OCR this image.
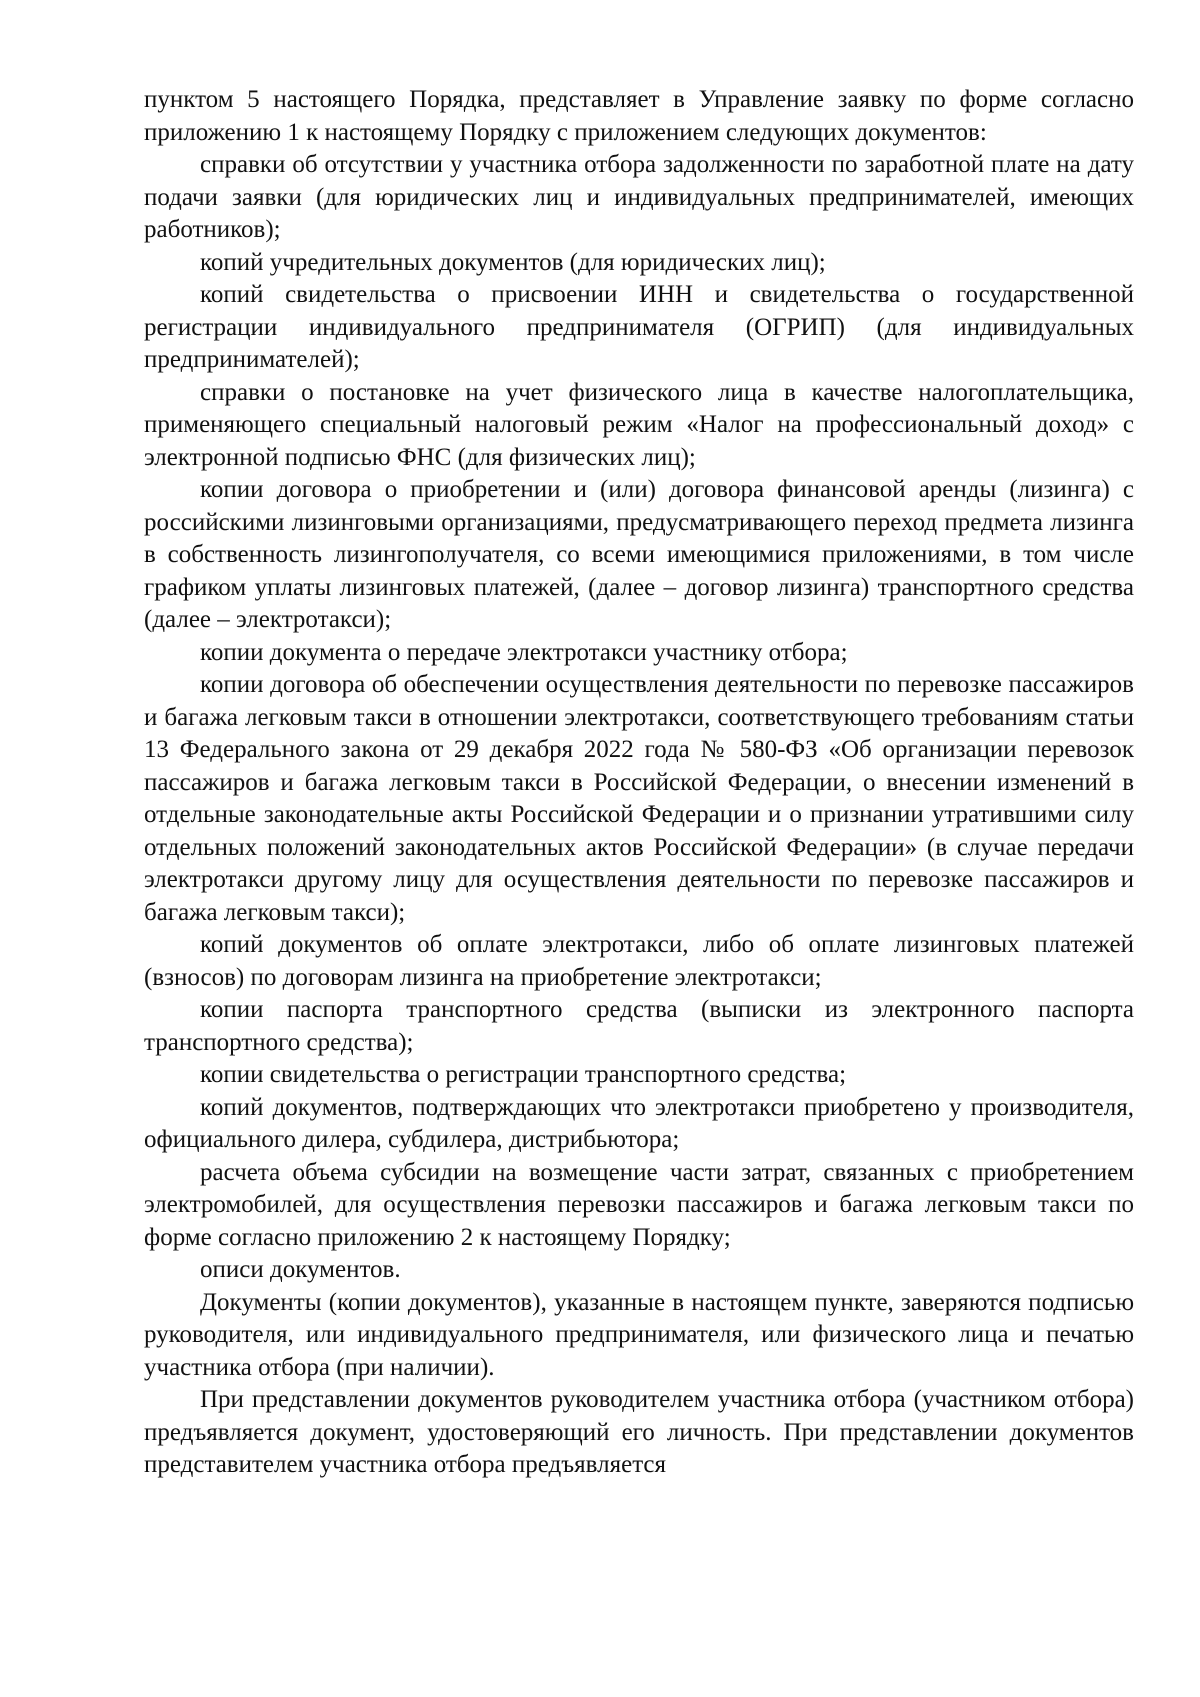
пунктом 5 настоящего Порядка, представляет в Управление заявку по форме согласно приложению 1 к настоящему Порядку с приложением следующих документов:

справки об отсутствии у участника отбора задолженности по заработной плате на дату подачи заявки (для юридических лиц и индивидуальных предпринимателей, имеющих работников);

копий учредительных документов (для юридических лиц);

копий свидетельства о присвоении ИНН и свидетельства о государственной регистрации индивидуального предпринимателя (ОГРИП) (для индивидуальных предпринимателей);

справки о постановке на учет физического лица в качестве налогоплательщика, применяющего специальный налоговый режим «Налог на профессиональный доход» с электронной подписью ФНС (для физических лиц);

копии договора о приобретении и (или) договора финансовой аренды (лизинга) с российскими лизинговыми организациями, предусматривающего переход предмета лизинга в собственность лизингополучателя, со всеми имеющимися приложениями, в том числе графиком уплаты лизинговых платежей, (далее – договор лизинга) транспортного средства (далее – электротакси);

копии документа о передаче электротакси участнику отбора;

копии договора об обеспечении осуществления деятельности по перевозке пассажиров и багажа легковым такси в отношении электротакси, соответствующего требованиям статьи 13 Федерального закона от 29 декабря 2022 года № 580-ФЗ «Об организации перевозок пассажиров и багажа легковым такси в Российской Федерации, о внесении изменений в отдельные законодательные акты Российской Федерации и о признании утратившими силу отдельных положений законодательных актов Российской Федерации» (в случае передачи электротакси другому лицу для осуществления деятельности по перевозке пассажиров и багажа легковым такси);

копий документов об оплате электротакси, либо об оплате лизинговых платежей (взносов) по договорам лизинга на приобретение электротакси;

копии паспорта транспортного средства (выписки из электронного паспорта транспортного средства);

копии свидетельства о регистрации транспортного средства;

копий документов, подтверждающих что электротакси приобретено у производителя, официального дилера, субдилера, дистрибьютора;

расчета объема субсидии на возмещение части затрат, связанных с приобретением электромобилей, для осуществления перевозки пассажиров и багажа легковым такси по форме согласно приложению 2 к настоящему Порядку;

описи документов.

Документы (копии документов), указанные в настоящем пункте, заверяются подписью руководителя, или индивидуального предпринимателя, или физического лица и печатью участника отбора (при наличии).

При представлении документов руководителем участника отбора (участником отбора) предъявляется документ, удостоверяющий его личность. При представлении документов представителем участника отбора предъявляется
